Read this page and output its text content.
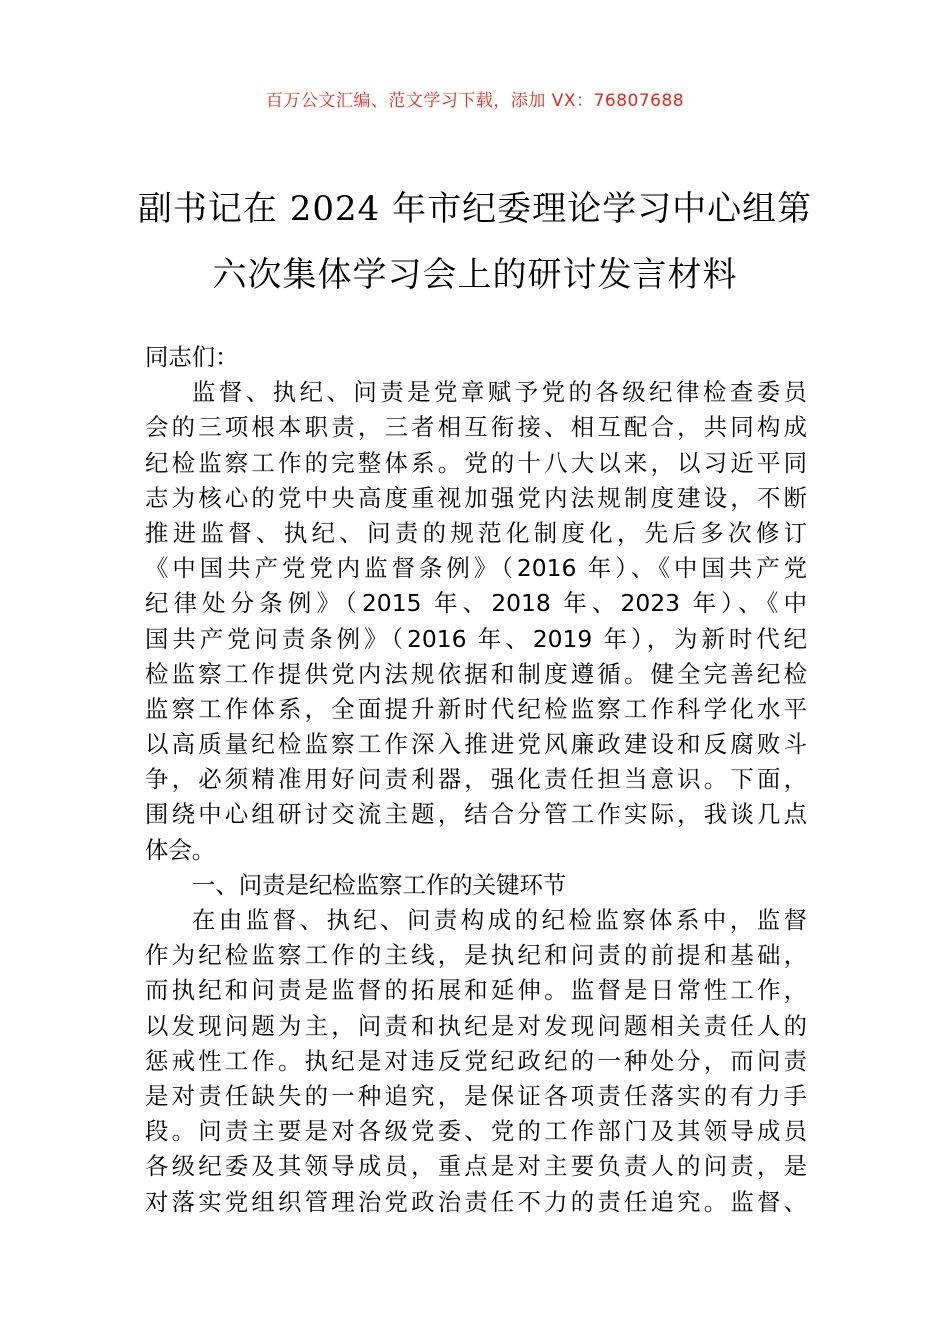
百万公文汇编、范文学习下载，添加 VX：76807688
副书记在 2024 年市纪委理论学习中心组第
六次集体学习会上的研讨发言材料
同志们：
监督、执纪、问责是党章赋予党的各级纪律检查委员
会的三项根本职责，三者相互衔接、相互配合，共同构成
纪检监察工作的完整体系。党的十八大以来，以习近平同
志为核心的党中央高度重视加强党内法规制度建设，不断
推进监督、执纪、问责的规范化制度化，先后多次修订
《中国共产党党内监督条例》（2016 年）、《中国共产党
纪律处分条例》（2015 年、2018 年、2023 年）、《中
国共产党问责条例》（2016 年、2019 年），为新时代纪
检监察工作提供党内法规依据和制度遵循。健全完善纪检
监察工作体系，全面提升新时代纪检监察工作科学化水平
以高质量纪检监察工作深入推进党风廉政建设和反腐败斗
争，必须精准用好问责利器，强化责任担当意识。下面，
围绕中心组研讨交流主题，结合分管工作实际，我谈几点
体会。
一、问责是纪检监察工作的关键环节
在由监督、执纪、问责构成的纪检监察体系中，监督
作为纪检监察工作的主线，是执纪和问责的前提和基础，
而执纪和问责是监督的拓展和延伸。监督是日常性工作，
以发现问题为主，问责和执纪是对发现问题相关责任人的
惩戒性工作。执纪是对违反党纪政纪的一种处分，而问责
是对责任缺失的一种追究，是保证各项责任落实的有力手
段。问责主要是对各级党委、党的工作部门及其领导成员
各级纪委及其领导成员，重点是对主要负责人的问责，是
对落实党组织管理治党政治责任不力的责任追究。监督、
